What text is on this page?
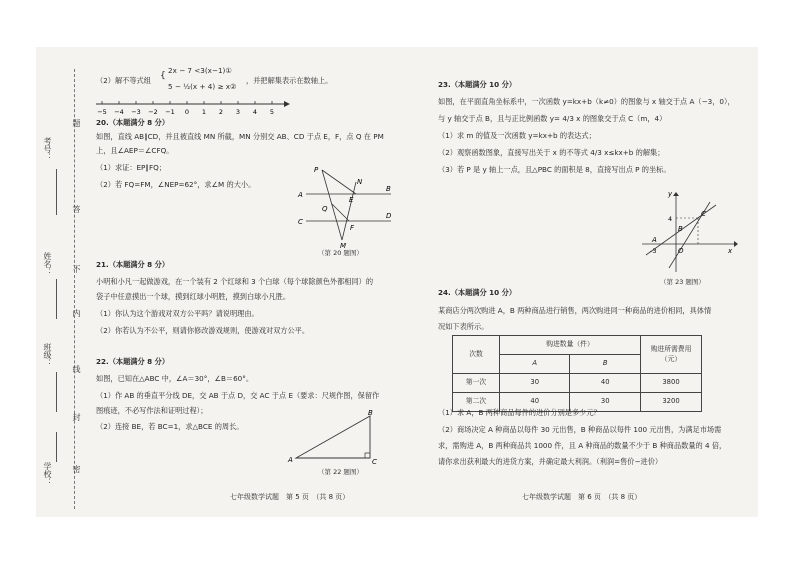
题
考号：
答
姓名：	不
内
班级：
线
封
学校：	密
（2）解不等式组 {
2x − 7 <3(x−1)①
5 − ½(x + 4) ≥ x②
，并把解集表示在数轴上。
−5 −4 −3 −2 −1 0 1 2 3 4 5
20.（本题满分 8 分）
如图，直线 AB∥CD，并且被直线 MN 所截，MN 分别交 AB、CD 于点 E，F，点 Q 在 PM
上，且∠AEP＝∠CFQ。
（1）求证：EP∥FQ；
（2）若 FQ=FM，∠NEP=62°，求∠M 的大小。
P
N
A
E
B
Q
C
F
D
M
（第 20 题图）
21.（本题满分 8 分）
小明和小凡一起做游戏，在一个装有 2 个红球和 3 个白球（每个球除颜色外都相同）的
袋子中任意摸出一个球，摸到红球小明胜，摸到白球小凡胜。
（1）你认为这个游戏对双方公平吗？请说明理由。
（2）你若认为不公平，则请你修改游戏规则，使游戏对双方公平。
22.（本题满分 8 分）
如图，已知在△ABC 中，∠A＝30°，∠B＝60°。
（1）作 AB 的垂直平分线 DE，交 AB 于点 D，交 AC 于点 E（要求：尺规作图，保留作
图痕迹，不必写作法和证明过程）；
（2）连接 BE，若 BC=1，求△BCE 的周长。
B
A	C
（第 22 题图）
七年级数学试题　第 5 页　（共 8 页）
23.（本题满分 10 分）
如图，在平面直角坐标系中，一次函数 y=kx+b（k≠0）的图象与 x 轴交于点 A（−3，0），
与 y 轴交于点 B，且与正比例函数 y= 4/3 x 的图象交于点 C（m，4）
（1）求 m 的值及一次函数 y=kx+b 的表达式；
（2）观察函数图象，直接写出关于 x 的不等式 4/3 x≤kx+b 的解集；
（3）若 P 是 y 轴上一点，且△PBC 的面积是 8，直接写出点 P 的坐标。
y
4
C
B
A
-3	O	x
（第 23 题图）
24.（本题满分 10 分）
某商店分两次购进 A，B 两种商品进行销售，两次购进同一种商品的进价相同，具体情
况如下表所示。
次数	购进数量（件）		购进所需费用
（元）
	A	B	
第一次	30	40	3800
第二次	40	30	3200
（1）求 A，B 两种商品每件的进价分别是多少元？
（2）商场决定 A 种商品以每件 30 元出售，B 种商品以每件 100 元出售，为满足市场需
求，需购进 A，B 两种商品共 1000 件，且 A 种商品的数量不少于 B 种商品数量的 4 倍，
请你求出获利最大的进货方案，并确定最大利润。（利润=售价−进价）
七年级数学试题　第 6 页　（共 8 页）
